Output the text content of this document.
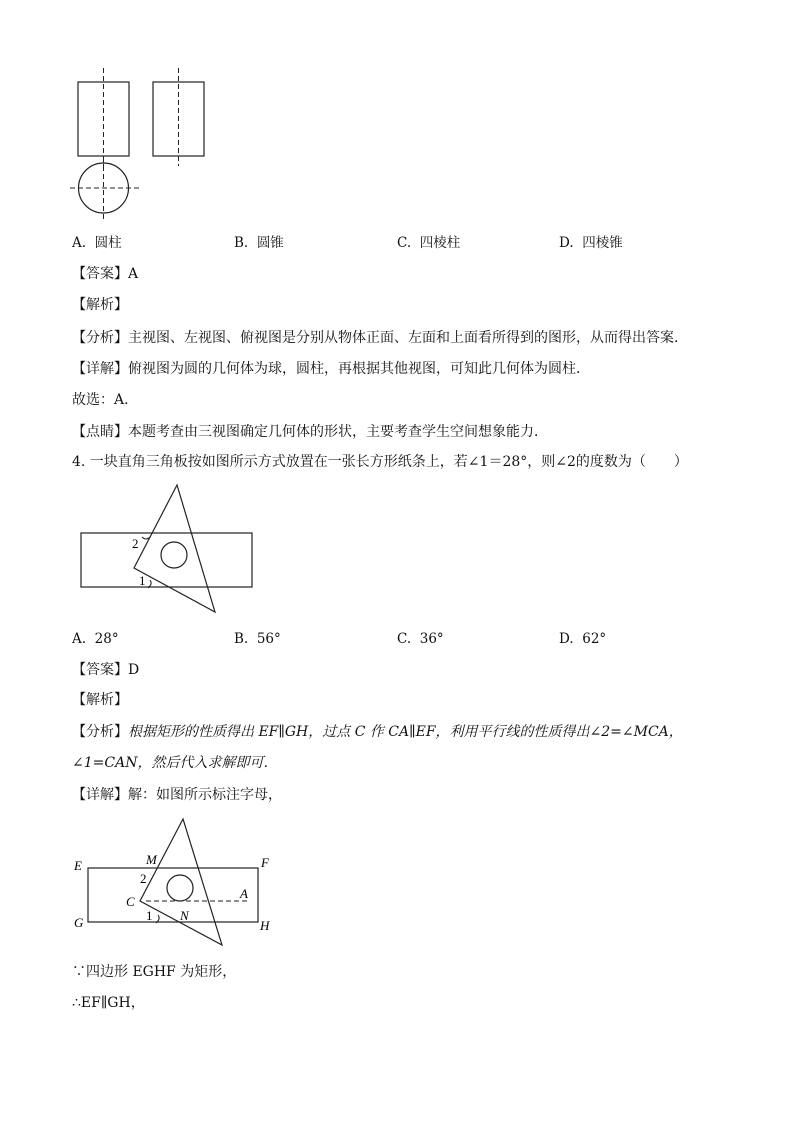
A. 圆柱	B. 圆锥	C. 四棱柱	D. 四棱锥
【答案】A
【解析】
【分析】主视图、左视图、俯视图是分别从物体正面、左面和上面看所得到的图形，从而得出答案．
【详解】俯视图为圆的几何体为球，圆柱，再根据其他视图，可知此几何体为圆柱．
故选：A．
【点睛】本题考查由三视图确定几何体的形状，主要考查学生空间想象能力．
4. 一块直角三角板按如图所示方式放置在一张长方形纸条上，若∠1＝28°，则∠2的度数为（　　）
2
1
A. 28°	B. 56°	C. 36°	D. 62°
【答案】D
【解析】
【分析】根据矩形的性质得出 EF∥GH，过点 C 作 CA∥EF，利用平行线的性质得出∠2=∠MCA，
∠1=CAN，然后代入求解即可．
【详解】解：如图所示标注字母，
E	F
G	H
M
2
C
A
N
1
∵四边形 EGHF 为矩形，
∴EF∥GH，
